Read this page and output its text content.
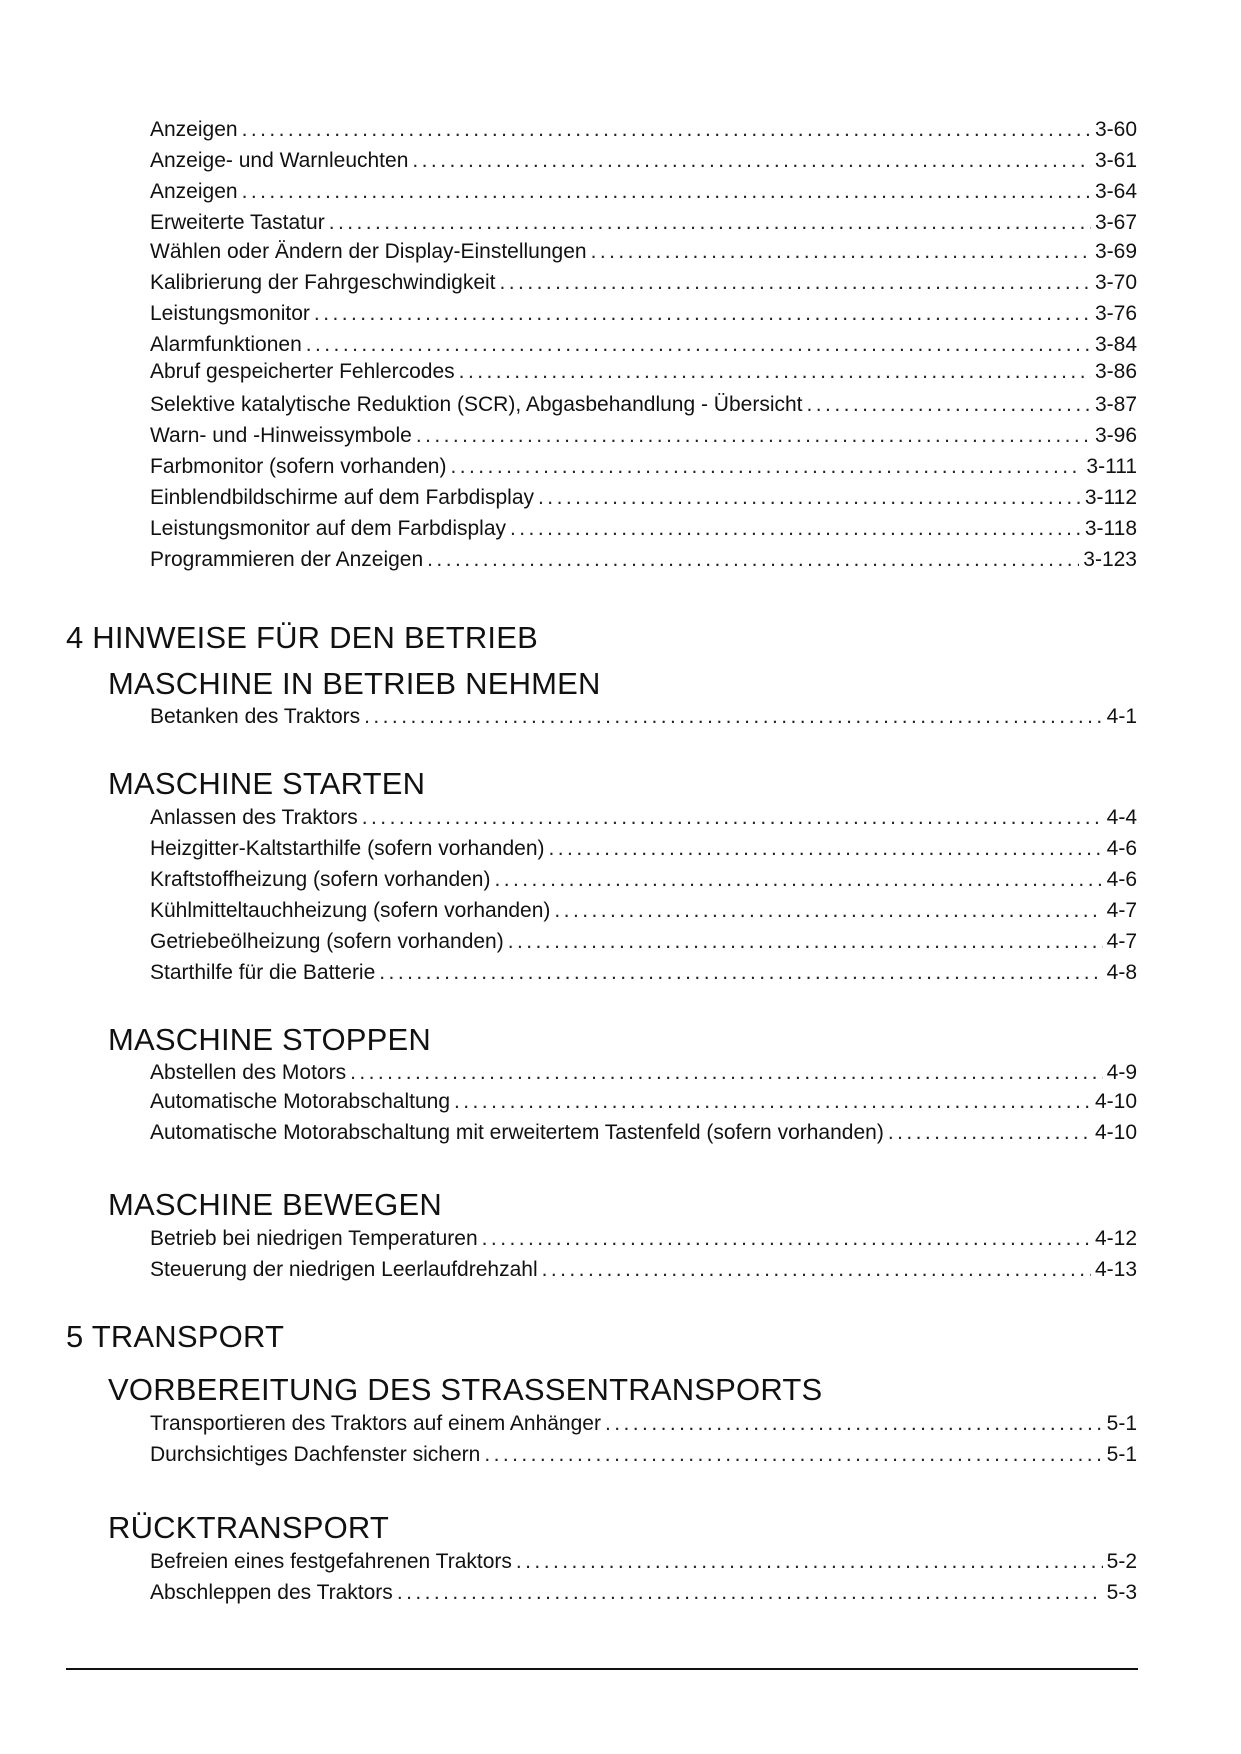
Anzeigen . . .	3-60
Anzeige- und Warnleuchten . . .	3-61
Anzeigen . . .	3-64
Erweiterte Tastatur . . .	3-67
Wählen oder Ändern der Display-Einstellungen . . .	3-69
Kalibrierung der Fahrgeschwindigkeit . . .	3-70
Leistungsmonitor . . .	3-76
Alarmfunktionen . . .	3-84
Abruf gespeicherter Fehlercodes . . .	3-86
Selektive katalytische Reduktion (SCR), Abgasbehandlung - Übersicht . . .	3-87
Warn- und -Hinweissymbole . . .	3-96
Farbmonitor (sofern vorhanden) . . .	3-111
Einblendbildschirme auf dem Farbdisplay . . .	3-112
Leistungsmonitor auf dem Farbdisplay . . .	3-118
Programmieren der Anzeigen . . .	3-123
4 HINWEISE FÜR DEN BETRIEB
MASCHINE IN BETRIEB NEHMEN
Betanken des Traktors . . .	4-1
MASCHINE STARTEN
Anlassen des Traktors . . .	4-4
Heizgitter-Kaltstarthilfe (sofern vorhanden) . . .	4-6
Kraftstoffheizung (sofern vorhanden) . . .	4-6
Kühlmitteltauchheizung (sofern vorhanden) . . .	4-7
Getriebeölheizung (sofern vorhanden) . . .	4-7
Starthilfe für die Batterie . . .	4-8
MASCHINE STOPPEN
Abstellen des Motors . . .	4-9
Automatische Motorabschaltung . . .	4-10
Automatische Motorabschaltung mit erweitertem Tastenfeld (sofern vorhanden) . . .	4-10
MASCHINE BEWEGEN
Betrieb bei niedrigen Temperaturen . . .	4-12
Steuerung der niedrigen Leerlaufdrehzahl . . .	4-13
5 TRANSPORT
VORBEREITUNG DES STRASSENTRANSPORTS
Transportieren des Traktors auf einem Anhänger . . .	5-1
Durchsichtiges Dachfenster sichern . . .	5-1
RÜCKTRANSPORT
Befreien eines festgefahrenen Traktors . . .	5-2
Abschleppen des Traktors . . .	5-3
